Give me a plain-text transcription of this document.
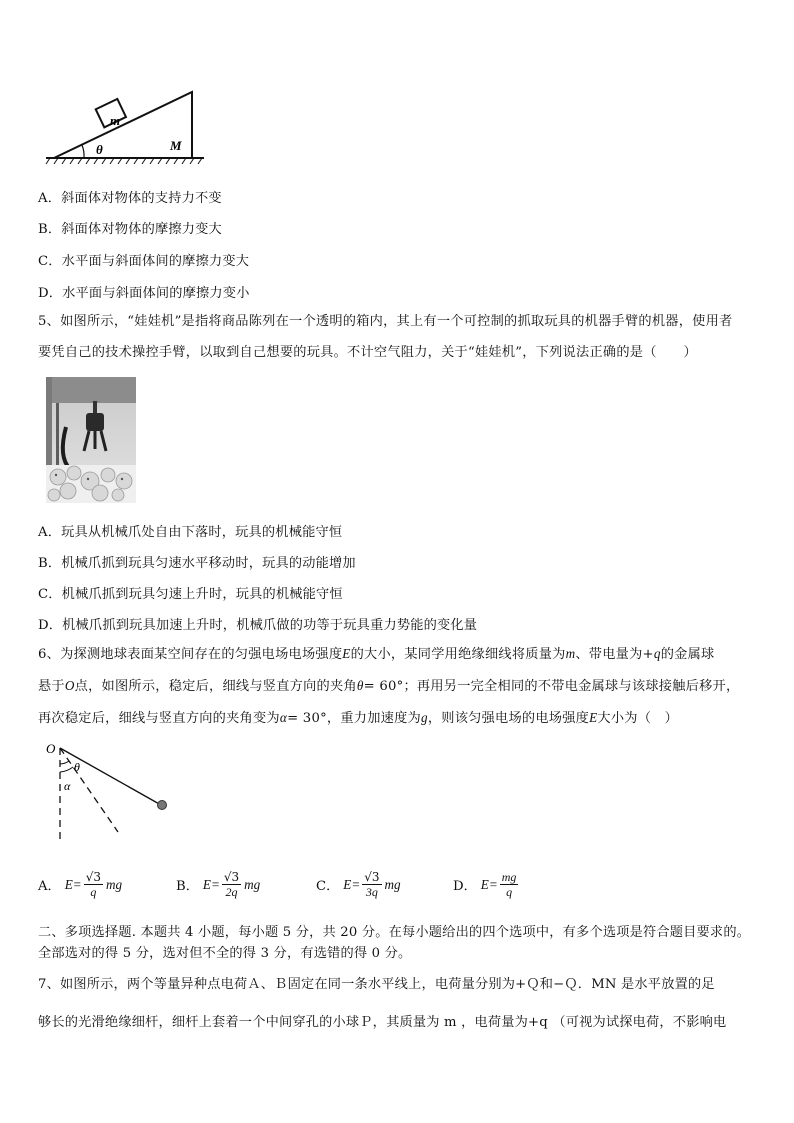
m
θ	M
A．斜面体对物体的支持力不变
B．斜面体对物体的摩擦力变大
C．水平面与斜面体间的摩擦力变大
D．水平面与斜面体间的摩擦力变小
5、如图所示，“娃娃机”是指将商品陈列在一个透明的箱内，其上有一个可控制的抓取玩具的机器手臂的机器，使用者
要凭自己的技术操控手臂，以取到自己想要的玩具。不计空气阻力，关于“娃娃机”，下列说法正确的是（　　）
A．玩具从机械爪处自由下落时，玩具的机械能守恒
B．机械爪抓到玩具匀速水平移动时，玩具的动能增加
C．机械爪抓到玩具匀速上升时，玩具的机械能守恒
D．机械爪抓到玩具加速上升时，机械爪做的功等于玩具重力势能的变化量
6、为探测地球表面某空间存在的匀强电场电场强度E的大小，某同学用绝缘细线将质量为m、带电量为+q的金属球
悬于O点，如图所示，稳定后，细线与竖直方向的夹角θ= 60°；再用另一完全相同的不带电金属球与该球接触后移开，
再次稳定后，细线与竖直方向的夹角变为α= 30°，重力加速度为g，则该匀强电场的电场强度E大小为（　）
O
θ
α
A． $E= \frac{√3}{q}$ mg	B． $E= \frac{√3}{2q}$ mg	C． $E= \frac{√3}{3q}$ mg	D． $E= \frac{mg}{q}$
二、多项选择题. 本题共 4 小题，每小题 5 分，共 20 分。在每小题给出的四个选项中，有多个选项是符合题目要求的。
全部选对的得 5 分，选对但不全的得 3 分，有选错的得 0 分。
7、如图所示，两个等量异种点电荷Ａ、Ｂ固定在同一条水平线上，电荷量分别为+Ｑ和−Ｑ．MN 是水平放置的足
够长的光滑绝缘细杆，细杆上套着一个中间穿孔的小球Ｐ，其质量为 m ，电荷量为+q （可视为试探电荷，不影响电
